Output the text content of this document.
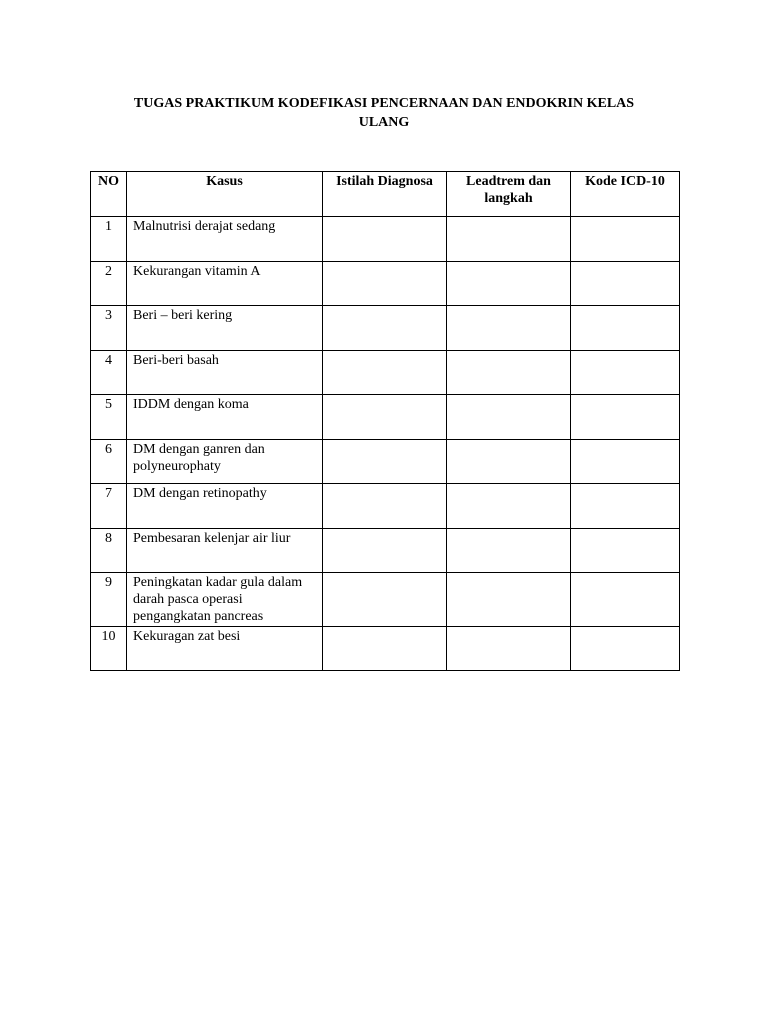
TUGAS PRAKTIKUM KODEFIKASI PENCERNAAN DAN ENDOKRIN KELAS
ULANG
NO	Kasus	Istilah Diagnosa	Leadtrem dan langkah	Kode ICD-10
1	Malnutrisi derajat sedang			
2	Kekurangan vitamin A			
3	Beri – beri kering			
4	Beri-beri basah			
5	IDDM dengan koma			
6	DM dengan ganren dan polyneurophaty			
7	DM dengan retinopathy			
8	Pembesaran kelenjar air liur			
9	Peningkatan kadar gula dalam darah pasca operasi pengangkatan pancreas			
10	Kekuragan zat besi			
